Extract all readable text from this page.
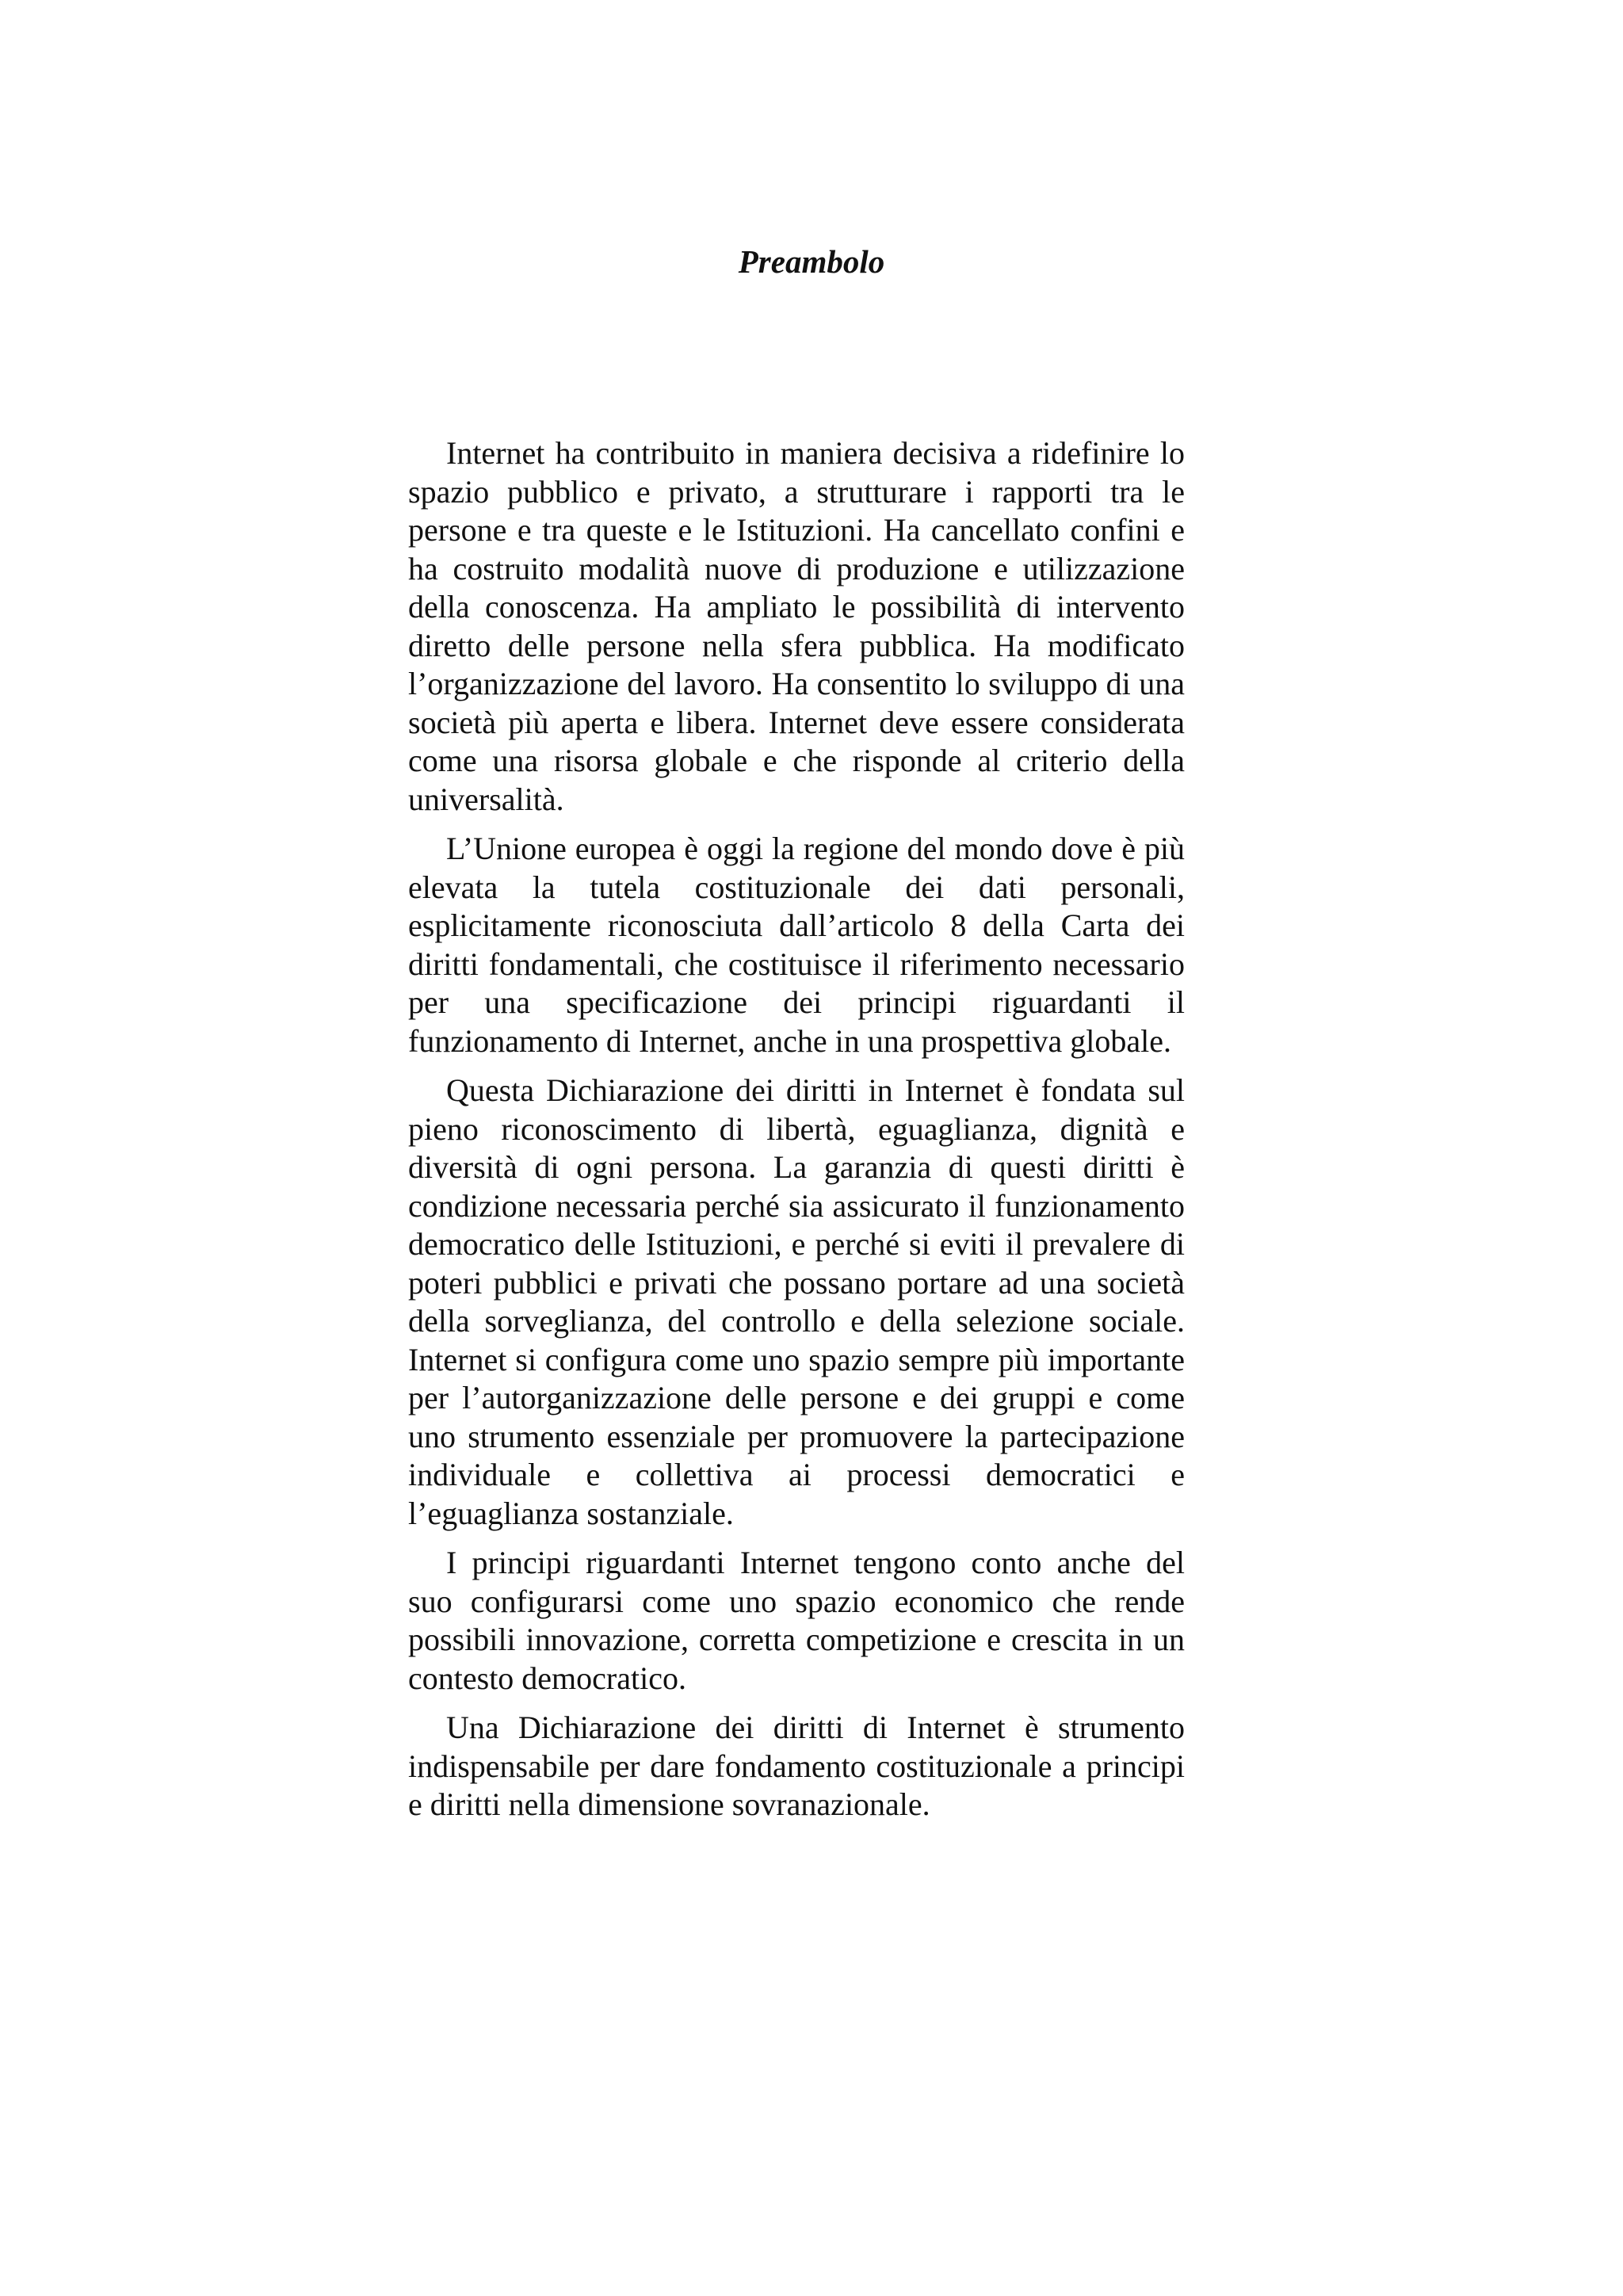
Preambolo

Internet ha contribuito in maniera decisiva a ridefinire lo spazio pubblico e privato, a strutturare i rapporti tra le persone e tra queste e le Istituzioni. Ha cancellato confini e ha costruito modalità nuove di produzione e utilizzazione della conoscenza. Ha ampliato le possibilità di intervento diretto delle persone nella sfera pubblica. Ha modificato l’organizzazione del lavoro. Ha consentito lo sviluppo di una società più aperta e libera. Internet deve essere considerata come una risorsa globale e che risponde al criterio della universalità.

L’Unione europea è oggi la regione del mondo dove è più elevata la tutela costituzionale dei dati personali, esplicitamente riconosciuta dall’articolo 8 della Carta dei diritti fondamentali, che costituisce il riferimento necessario per una specificazione dei principi riguardanti il funzionamento di Internet, anche in una prospettiva globale.

Questa Dichiarazione dei diritti in Internet è fondata sul pieno riconoscimento di libertà, eguaglianza, dignità e diversità di ogni persona. La garanzia di questi diritti è condizione necessaria perché sia assicurato il funzionamento democratico delle Istituzioni, e perché si eviti il prevalere di poteri pubblici e privati che possano portare ad una società della sorveglianza, del controllo e della selezione sociale. Internet si configura come uno spazio sempre più importante per l’autorganizzazione delle persone e dei gruppi e come uno strumento essenziale per promuovere la partecipazione individuale e collettiva ai processi democratici e l’eguaglianza sostanziale.

I principi riguardanti Internet tengono conto anche del suo configurarsi come uno spazio economico che rende possibili innovazione, corretta competizione e crescita in un contesto democratico.

Una Dichiarazione dei diritti di Internet è strumento indispensabile per dare fondamento costituzionale a principi e diritti nella dimensione sovranazionale.
